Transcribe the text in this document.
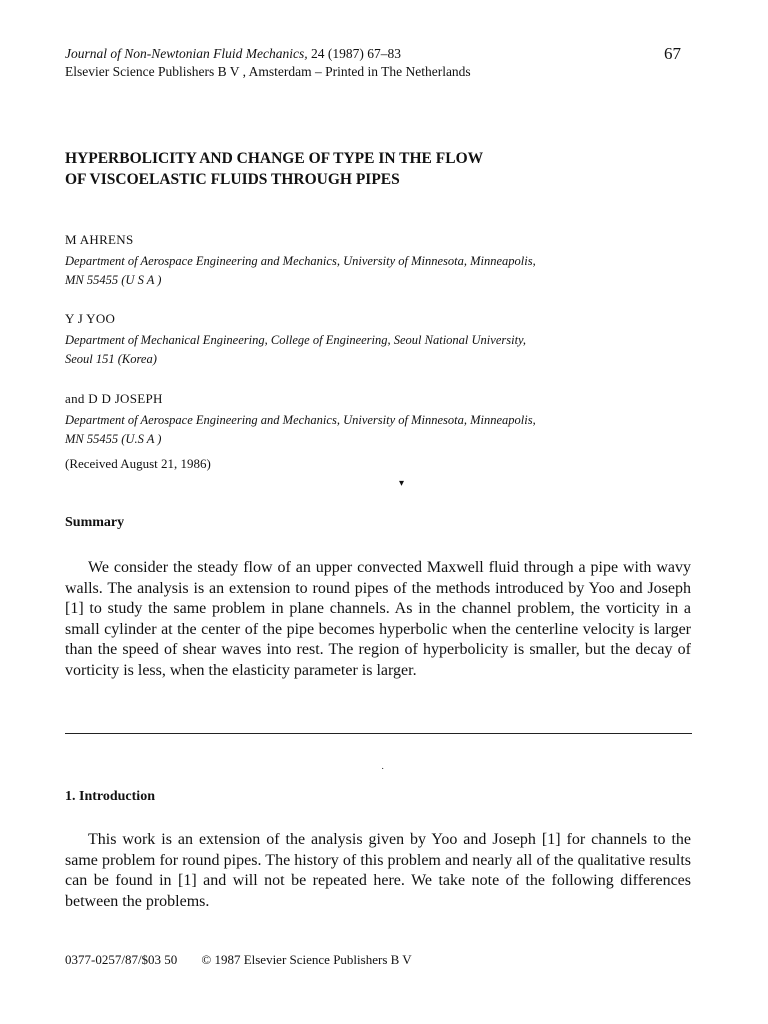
Journal of Non-Newtonian Fluid Mechanics, 24 (1987) 67–83
Elsevier Science Publishers B V , Amsterdam – Printed in The Netherlands
67
HYPERBOLICITY AND CHANGE OF TYPE IN THE FLOW
OF VISCOELASTIC FLUIDS THROUGH PIPES
M AHRENS
Department of Aerospace Engineering and Mechanics, University of Minnesota, Minneapolis,
MN 55455 (U S A )
Y J YOO
Department of Mechanical Engineering, College of Engineering, Seoul National University,
Seoul 151 (Korea)
and D D JOSEPH
Department of Aerospace Engineering and Mechanics, University of Minnesota, Minneapolis,
MN 55455 (U.S A )
(Received August 21, 1986)
▾
Summary

We consider the steady flow of an upper convected Maxwell fluid through a pipe with wavy walls. The analysis is an extension to round pipes of the methods introduced by Yoo and Joseph [1] to study the same problem in plane channels. As in the channel problem, the vorticity in a small cylinder at the center of the pipe becomes hyperbolic when the centerline velocity is larger than the speed of shear waves into rest. The region of hyperbolicity is smaller, but the decay of vorticity is less, when the elasticity parameter is larger.

˙
1. Introduction

This work is an extension of the analysis given by Yoo and Joseph [1] for channels to the same problem for round pipes. The history of this problem and nearly all of the qualitative results can be found in [1] and will not be repeated here. We take note of the following differences between the problems.

0377-0257/87/$03 50 © 1987 Elsevier Science Publishers B V
